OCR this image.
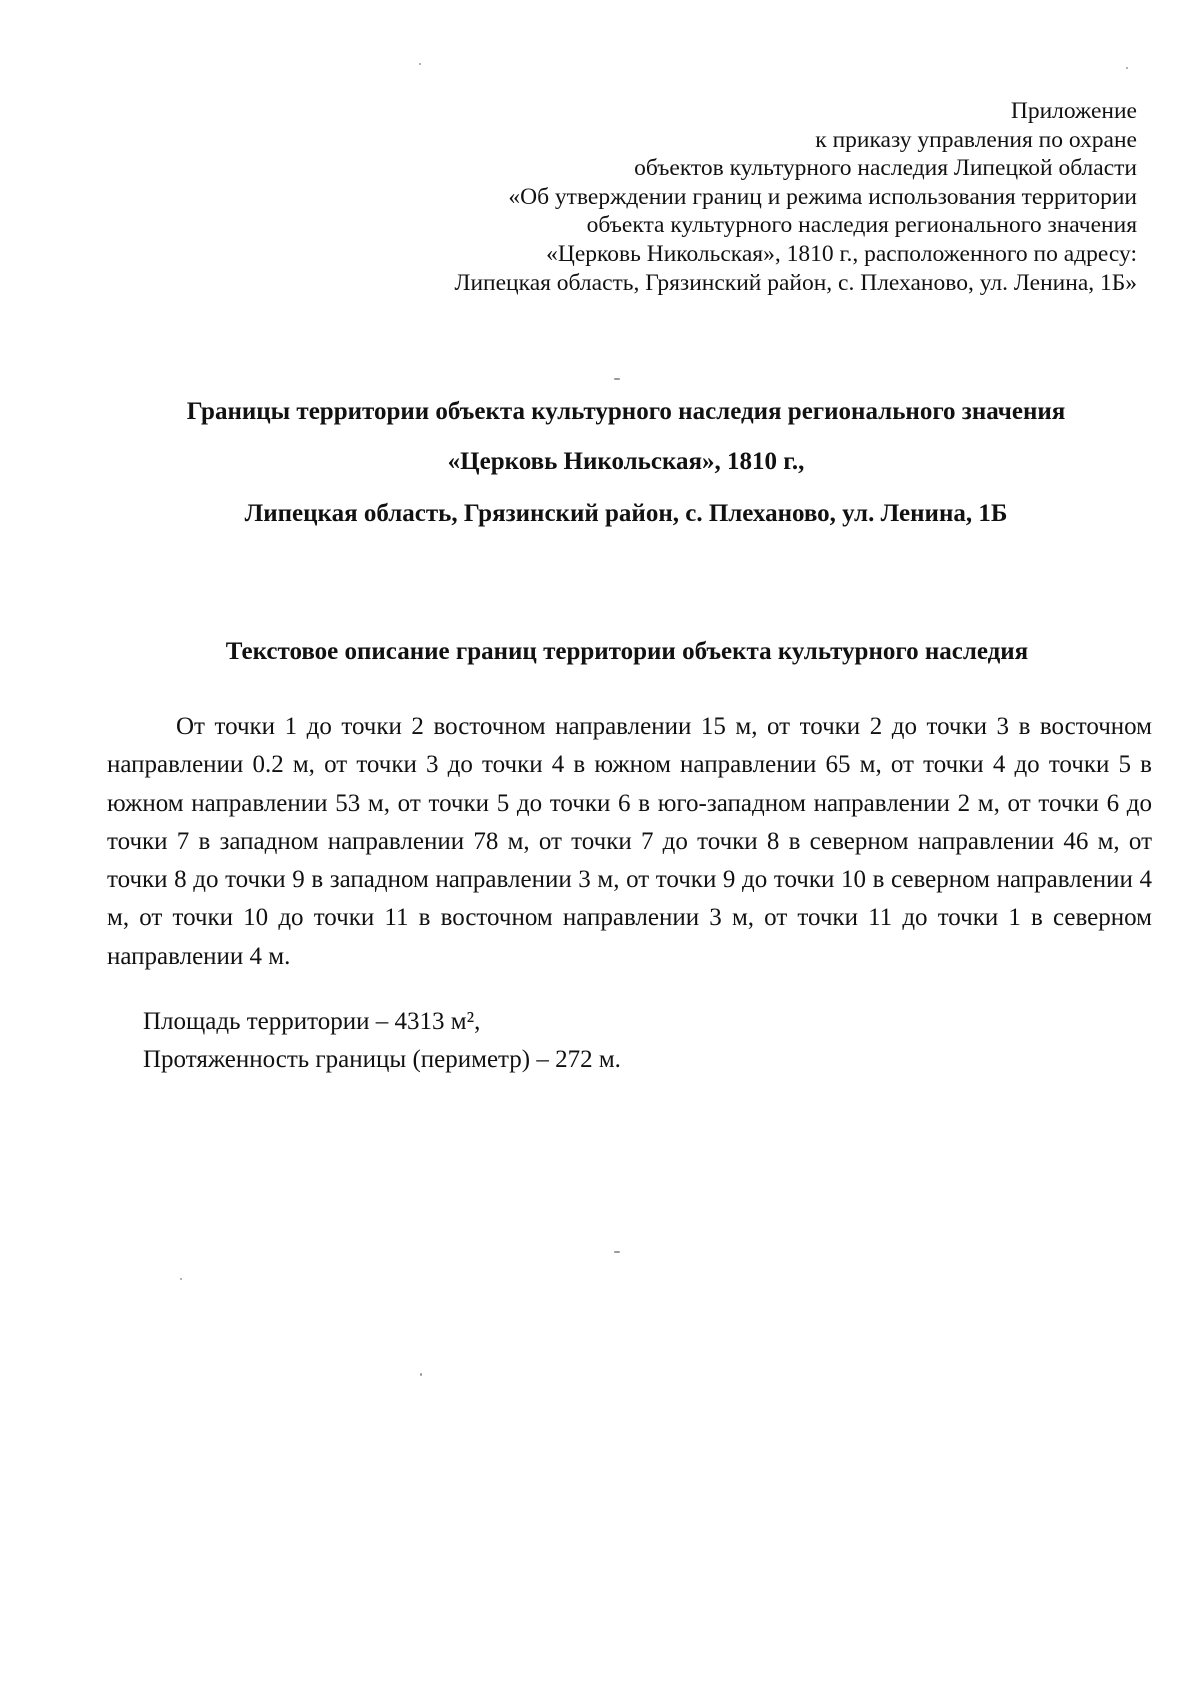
Приложение
к приказу управления по охране
объектов культурного наследия Липецкой области
«Об утверждении границ и режима использования территории
объекта культурного наследия регионального значения
«Церковь Никольская», 1810 г., расположенного по адресу:
Липецкая область, Грязинский район, с. Плеханово, ул. Ленина, 1Б»
Границы территории объекта культурного наследия регионального значения
«Церковь Никольская», 1810 г.,
Липецкая область, Грязинский район, с. Плеханово, ул. Ленина, 1Б
Текстовое описание границ территории объекта культурного наследия

От точки 1 до точки 2 восточном направлении 15 м, от точки 2 до точки 3 в восточном направлении 0.2 м, от точки 3 до точки 4 в южном направлении 65 м, от точки 4 до точки 5 в южном направлении 53 м, от точки 5 до точки 6 в юго-западном направлении 2 м, от точки 6 до точки 7 в западном направлении 78 м, от точки 7 до точки 8 в северном направлении 46 м, от точки 8 до точки 9 в западном направлении 3 м, от точки 9 до точки 10 в северном направлении 4 м, от точки 10 до точки 11 в восточном направлении 3 м, от точки 11 до точки 1 в северном направлении 4 м.

Площадь территории – 4313 м²,
Протяженность границы (периметр) – 272 м.
